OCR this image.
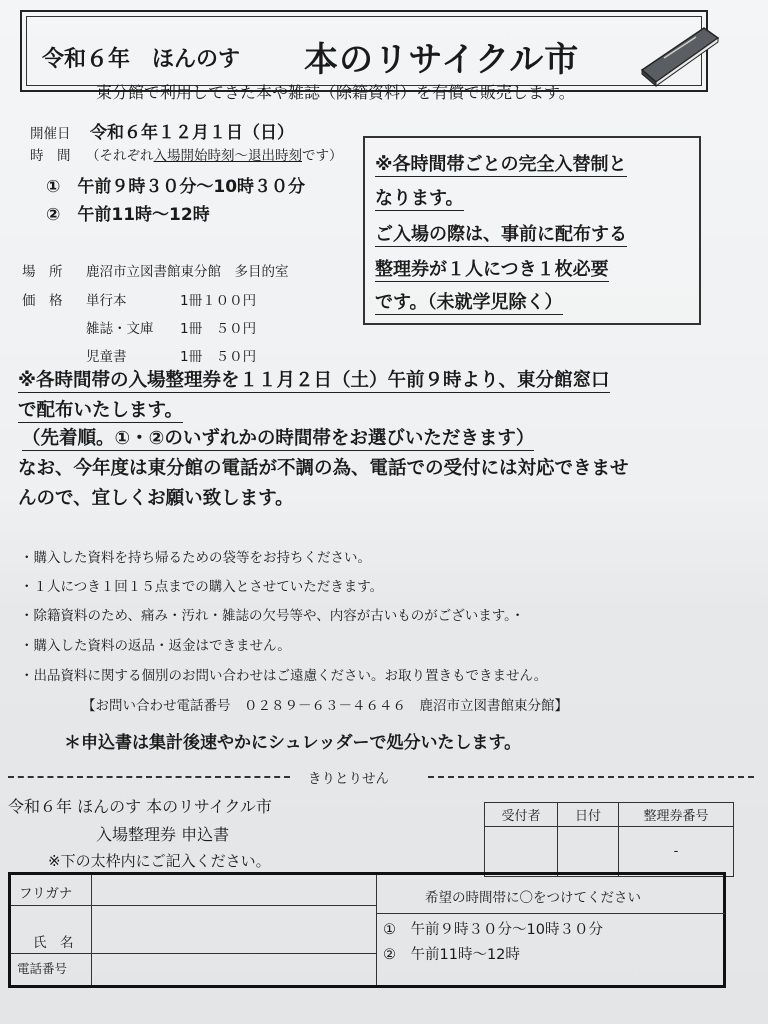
令和６年　ほんのす 本のリサイクル市
東分館で利用してきた本や雑誌（除籍資料）を有償で販売します。
開催日 令和６年１２月１日（日）
時　間 （それぞれ入場開始時刻～退出時刻です）
①　午前９時３０分～10時３０分
②　午前11時～12時
場　所 鹿沼市立図書館東分館　多目的室
価　格 単行本	1冊１００円
雑誌・文庫 1冊　５０円
児童書	1冊　５０円
※各時間帯ごとの完全入替制と
なります。
ご入場の際は、事前に配布する
整理券が１人につき１枚必要
です。（未就学児除く）
※各時間帯の入場整理券を１１月２日（土）午前９時より、東分館窓口
で配布いたします。
（先着順。①・②のいずれかの時間帯をお選びいただきます）
なお、今年度は東分館の電話が不調の為、電話での受付には対応できませ
んので、宜しくお願い致します。
・購入した資料を持ち帰るための袋等をお持ちください。
・１人につき１回１５点までの購入とさせていただきます。
・除籍資料のため、痛み・汚れ・雑誌の欠号等や、内容が古いものがございます。・
・購入した資料の返品・返金はできません。
・出品資料に関する個別のお問い合わせはご遠慮ください。お取り置きもできません。
【お問い合わせ電話番号　０２８９－６３－４６４６　鹿沼市立図書館東分館】
＊申込書は集計後速やかにシュレッダーで処分いたします。
きりとりせん
令和６年 ほんのす 本のリサイクル市
入場整理券 申込書
※下の太枠内にご記入ください。
受付者	日付	整理券番号
		-
フリガナ
氏　名
電話番号
希望の時間帯に〇をつけてください
①　午前９時３０分～10時３０分
②　午前11時～12時
